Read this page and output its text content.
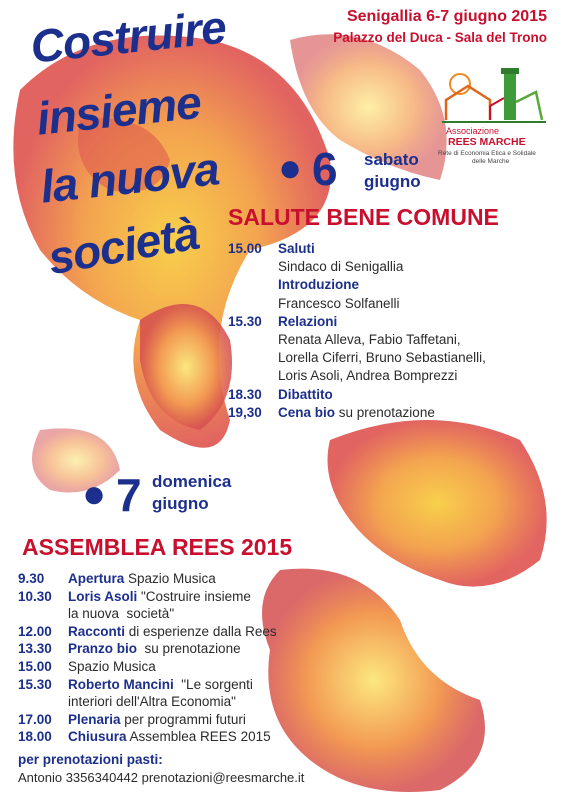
Senigallia 6-7 giugno 2015
Palazzo del Duca - Sala del Trono
Costruire
insieme
la nuova
società
Associazione
REES MARCHE
Rete di Economia Etica e Solidale
delle Marche
● 6 sabato
giugno
SALUTE BENE COMUNE
15.00 Saluti
Sindaco di Senigallia
Introduzione
Francesco Solfanelli
15.30 Relazioni
Renata Alleva, Fabio Taffetani,
Lorella Ciferri, Bruno Sebastianelli,
Loris Asoli, Andrea Bomprezzi
18.30 Dibattito
19,30 Cena bio su prenotazione
● 7 domenica
giugno
ASSEMBLEA REES 2015
9.30 Apertura Spazio Musica
10.30 Loris Asoli "Costruire insieme
la nuova  società"
12.00 Racconti di esperienze dalla Rees
13.30 Pranzo bio  su prenotazione
15.00 Spazio Musica
15.30 Roberto Mancini  "Le sorgenti
interiori dell'Altra Economia"
17.00 Plenaria per programmi futuri
18.00 Chiusura Assemblea REES 2015
per prenotazioni pasti:
Antonio 3356340442 prenotazioni@reesmarche.it
